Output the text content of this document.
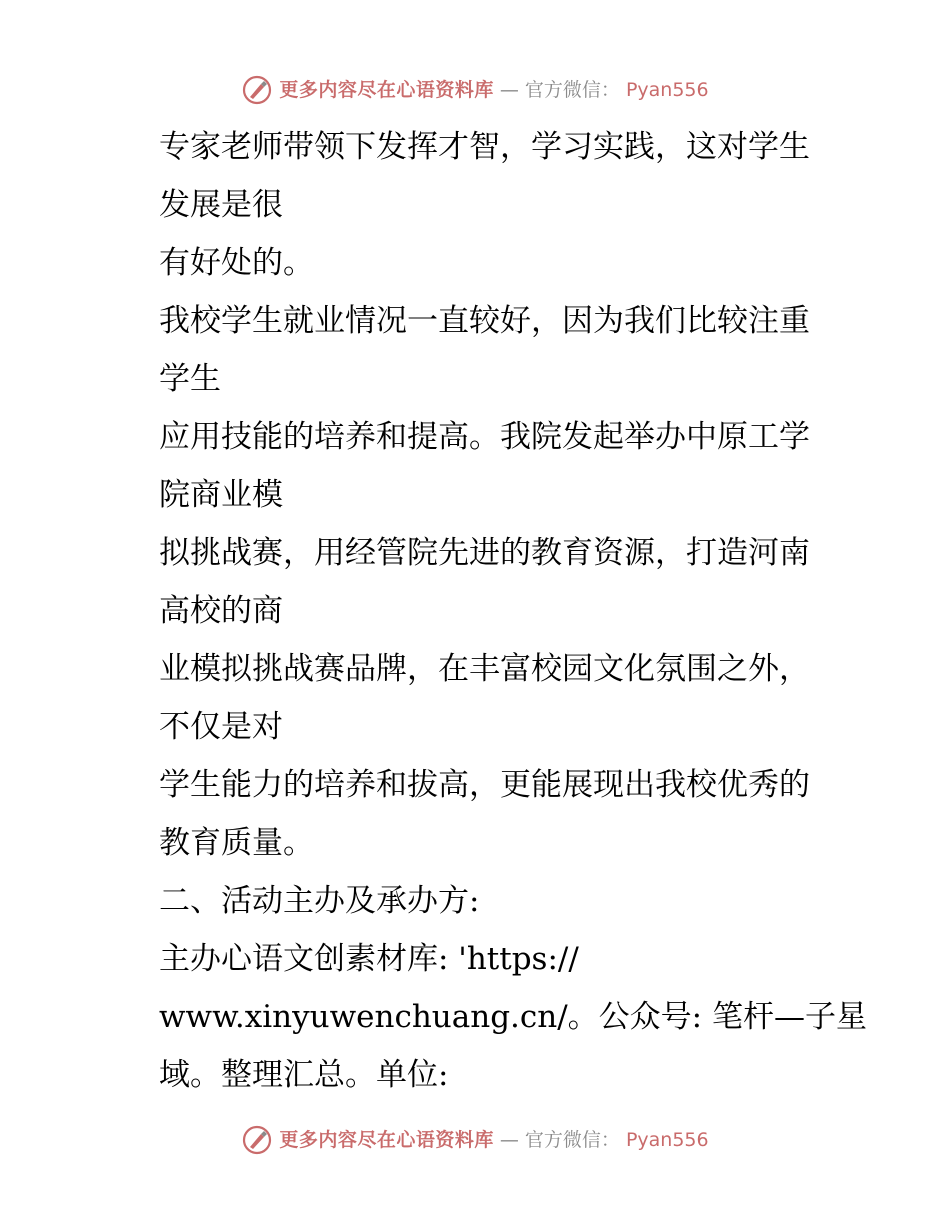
更多内容尽在心语资料库 — 官方微信： Pyan556
专家老师带领下发挥才智，学习实践，这对学生
发展是很
有好处的。
我校学生就业情况一直较好，因为我们比较注重
学生
应用技能的培养和提高。我院发起举办中原工学
院商业模
拟挑战赛，用经管院先进的教育资源，打造河南
高校的商
业模拟挑战赛品牌，在丰富校园文化氛围之外，
不仅是对
学生能力的培养和拔高，更能展现出我校优秀的
教育质量。
二、活动主办及承办方:
主办心语文创素材库: 'https://
www.xinyuwenchuang.cn/。公众号: 笔杆—子星
域。整理汇总。单位:
更多内容尽在心语资料库 — 官方微信： Pyan556
